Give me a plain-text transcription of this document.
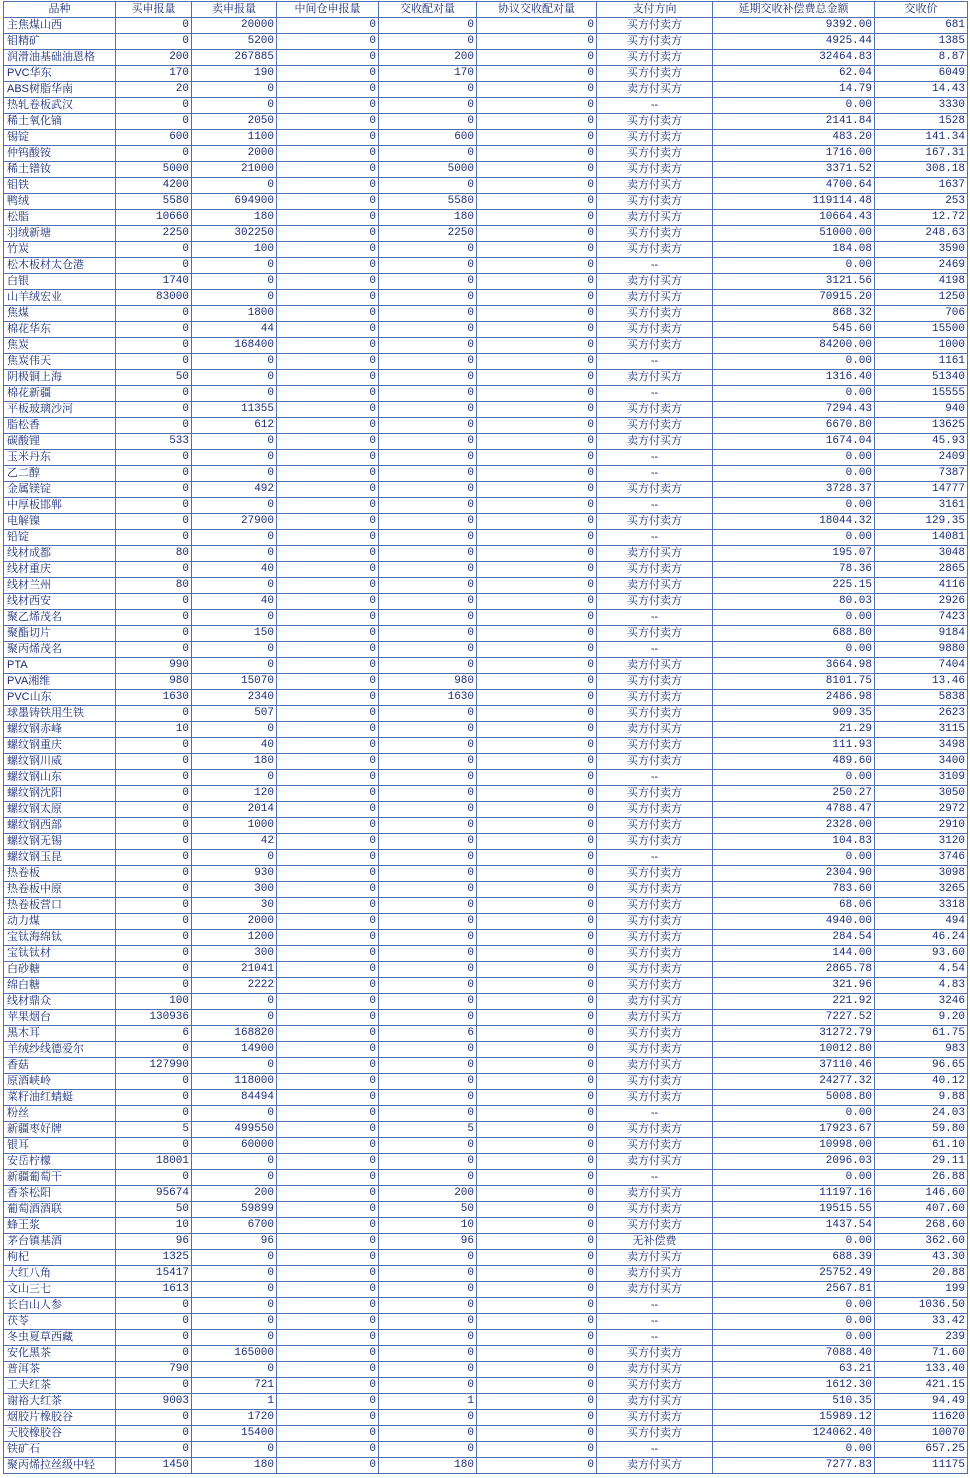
品种	买申报量	卖申报量	中间仓申报量	交收配对量	协议交收配对量	支付方向	延期交收补偿费总金额	交收价
主焦煤山西	0	20000	0	0	0	买方付卖方	9392.00	681
钼精矿	0	5200	0	0	0	买方付卖方	4925.44	1385
润滑油基础油恩格	200	267885	0	200	0	买方付卖方	32464.83	8.87
PVC华东	170	190	0	170	0	买方付卖方	62.04	6049
ABS树脂华南	20	0	0	0	0	卖方付买方	14.79	14.43
热轧卷板武汉	0	0	0	0	0	--	0.00	3330
稀土氧化镝	0	2050	0	0	0	买方付卖方	2141.84	1528
锡锭	600	1100	0	600	0	买方付卖方	483.20	141.34
仲钨酸铵	0	2000	0	0	0	买方付卖方	1716.00	167.31
稀土镨钕	5000	21000	0	5000	0	买方付卖方	3371.52	308.18
钼铁	4200	0	0	0	0	卖方付买方	4700.64	1637
鸭绒	5580	694900	0	5580	0	买方付卖方	119114.48	253
松脂	10660	180	0	180	0	卖方付买方	10664.43	12.72
羽绒新塘	2250	302250	0	2250	0	买方付卖方	51000.00	248.63
竹炭	0	100	0	0	0	买方付卖方	184.08	3590
松木板材太仓港	0	0	0	0	0	--	0.00	2469
白银	1740	0	0	0	0	卖方付买方	3121.56	4198
山羊绒宏业	83000	0	0	0	0	卖方付买方	70915.20	1250
焦煤	0	1800	0	0	0	买方付卖方	868.32	706
棉花华东	0	44	0	0	0	买方付卖方	545.60	15500
焦炭	0	168400	0	0	0	买方付卖方	84200.00	1000
焦炭伟天	0	0	0	0	0	--	0.00	1161
阴极铜上海	50	0	0	0	0	卖方付买方	1316.40	51340
棉花新疆	0	0	0	0	0	--	0.00	15555
平板玻璃沙河	0	11355	0	0	0	买方付卖方	7294.43	940
脂松香	0	612	0	0	0	买方付卖方	6670.80	13625
碳酸锂	533	0	0	0	0	卖方付买方	1674.04	45.93
玉米丹东	0	0	0	0	0	--	0.00	2409
乙二醇	0	0	0	0	0	--	0.00	7387
金属镁锭	0	492	0	0	0	买方付卖方	3728.37	14777
中厚板邯郸	0	0	0	0	0	--	0.00	3161
电解镍	0	27900	0	0	0	买方付卖方	18044.32	129.35
铅锭	0	0	0	0	0	--	0.00	14081
线材成都	80	0	0	0	0	卖方付买方	195.07	3048
线材重庆	0	40	0	0	0	买方付卖方	78.36	2865
线材兰州	80	0	0	0	0	卖方付买方	225.15	4116
线材西安	0	40	0	0	0	买方付卖方	80.03	2926
聚乙烯茂名	0	0	0	0	0	--	0.00	7423
聚酯切片	0	150	0	0	0	买方付卖方	688.80	9184
聚丙烯茂名	0	0	0	0	0	--	0.00	9880
PTA	990	0	0	0	0	卖方付买方	3664.98	7404
PVA湘维	980	15070	0	980	0	买方付卖方	8101.75	13.46
PVC山东	1630	2340	0	1630	0	买方付卖方	2486.98	5838
球墨铸铁用生铁	0	507	0	0	0	买方付卖方	909.35	2623
螺纹钢赤峰	10	0	0	0	0	卖方付买方	21.29	3115
螺纹钢重庆	0	40	0	0	0	买方付卖方	111.93	3498
螺纹钢川威	0	180	0	0	0	买方付卖方	489.60	3400
螺纹钢山东	0	0	0	0	0	--	0.00	3109
螺纹钢沈阳	0	120	0	0	0	买方付卖方	250.27	3050
螺纹钢太原	0	2014	0	0	0	买方付卖方	4788.47	2972
螺纹钢西部	0	1000	0	0	0	买方付卖方	2328.00	2910
螺纹钢无锡	0	42	0	0	0	买方付卖方	104.83	3120
螺纹钢玉昆	0	0	0	0	0	--	0.00	3746
热卷板	0	930	0	0	0	买方付卖方	2304.90	3098
热卷板中原	0	300	0	0	0	买方付卖方	783.60	3265
热卷板营口	0	30	0	0	0	买方付卖方	68.06	3318
动力煤	0	2000	0	0	0	买方付卖方	4940.00	494
宝钛海绵钛	0	1200	0	0	0	买方付卖方	284.54	46.24
宝钛钛材	0	300	0	0	0	买方付卖方	144.00	93.60
白砂糖	0	21041	0	0	0	买方付卖方	2865.78	4.54
绵白糖	0	2222	0	0	0	买方付卖方	321.96	4.83
线材鼎众	100	0	0	0	0	卖方付买方	221.92	3246
苹果烟台	130936	0	0	0	0	卖方付买方	7227.52	9.20
黑木耳	6	168820	0	6	0	买方付卖方	31272.79	61.75
羊绒纱线德爱尔	0	14900	0	0	0	买方付卖方	10012.80	983
香菇	127990	0	0	0	0	卖方付买方	37110.46	96.65
原酒峡岭	0	118000	0	0	0	买方付卖方	24277.32	40.12
菜籽油红蜻蜓	0	84494	0	0	0	买方付卖方	5008.80	9.88
粉丝	0	0	0	0	0	--	0.00	24.03
新疆枣好牌	5	499550	0	5	0	买方付卖方	17923.67	59.80
银耳	0	60000	0	0	0	买方付卖方	10998.00	61.10
安岳柠檬	18001	0	0	0	0	卖方付买方	2096.03	29.11
新疆葡萄干	0	0	0	0	0	--	0.00	26.88
香茶松阳	95674	200	0	200	0	卖方付买方	11197.16	146.60
葡萄酒酒联	50	59899	0	50	0	买方付卖方	19515.55	407.60
蜂王浆	10	6700	0	10	0	买方付卖方	1437.54	268.60
茅台镇基酒	96	96	0	96	0	无补偿费	0.00	362.60
枸杞	1325	0	0	0	0	卖方付买方	688.39	43.30
大红八角	15417	0	0	0	0	卖方付买方	25752.49	20.88
文山三七	1613	0	0	0	0	卖方付买方	2567.81	199
长白山人参	0	0	0	0	0	--	0.00	1036.50
茯苓	0	0	0	0	0	--	0.00	33.42
冬虫夏草西藏	0	0	0	0	0	--	0.00	239
安化黑茶	0	165000	0	0	0	买方付卖方	7088.40	71.60
普洱茶	790	0	0	0	0	卖方付买方	63.21	133.40
工夫红茶	0	721	0	0	0	买方付卖方	1612.30	421.15
谢裕大红茶	9003	1	0	1	0	卖方付买方	510.35	94.49
烟胶片橡胶谷	0	1720	0	0	0	买方付卖方	15989.12	11620
天胶橡胶谷	0	15400	0	0	0	买方付卖方	124062.40	10070
铁矿石	0	0	0	0	0	--	0.00	657.25
聚丙烯拉丝级中轻	1450	180	0	180	0	卖方付买方	7277.83	11175
